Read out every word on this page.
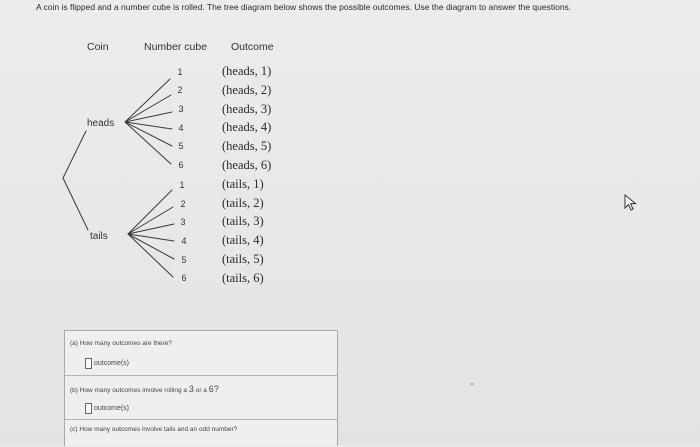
A coin is flipped and a number cube is rolled. The tree diagram below shows the possible outcomes. Use the diagram to answer the questions.
Coin	Number cube Outcome
heads
tails
1
2
3
4
5
6
1
2
3
4
5
6
(heads, 1)
(heads, 2)
(heads, 3)
(heads, 4)
(heads, 5)
(heads, 6)
(tails, 1)
(tails, 2)
(tails, 3)
(tails, 4)
(tails, 5)
(tails, 6)
(a) How many outcomes are there?
outcome(s)
(b) How many outcomes involve rolling a 3 or a 6?
outcome(s)
(c) How many outcomes involve tails and an odd number?
